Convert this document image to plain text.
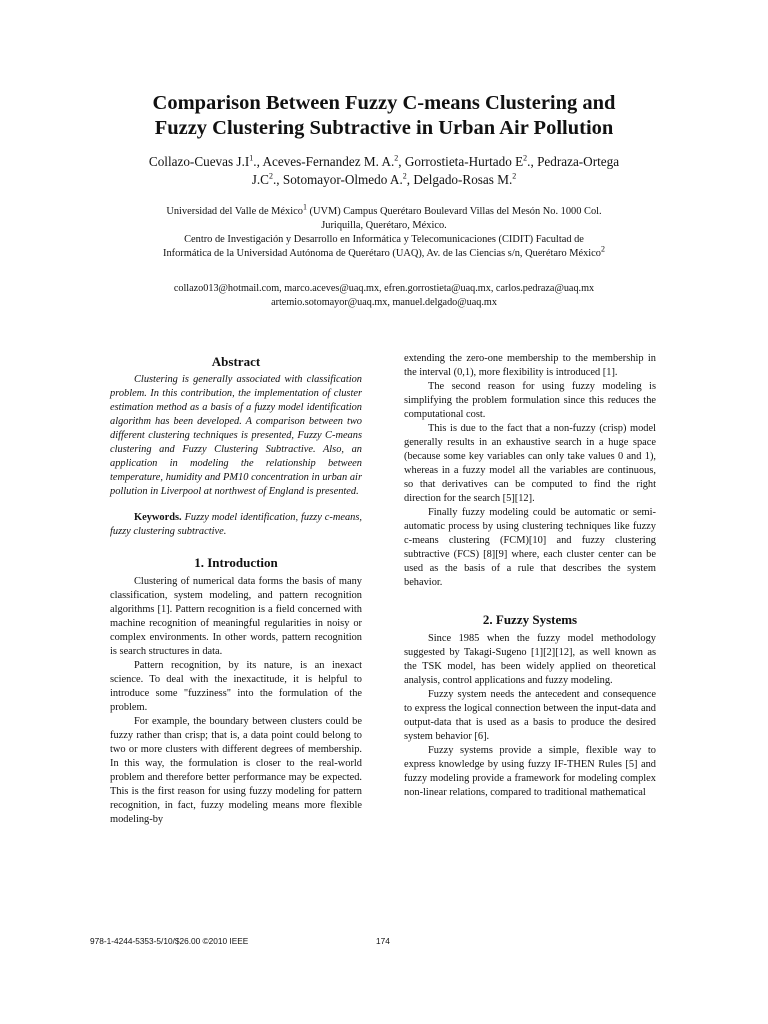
Comparison Between Fuzzy C-means Clustering and
Fuzzy Clustering Subtractive in Urban Air Pollution
Collazo-Cuevas $J.I^1$., Aceves-Fernandez M. A.$^2$, Gorrostieta-Hurtado $E^2$., Pedraza-Ortega
$J.C^2$., Sotomayor-Olmedo A.$^2$, Delgado-Rosas M.$^2$
Universidad del Valle de México$^1$ (UVM) Campus Querétaro Boulevard Villas del Mesón No. 1000 Col.
Juriquilla, Querétaro, México.
Centro de Investigación y Desarrollo en Informática y Telecomunicaciones (CIDIT) Facultad de
Informática de la Universidad Autónoma de Querétaro (UAQ), Av. de las Ciencias s/n, Querétaro México$^2$
collazo013@hotmail.com, marco.aceves@uaq.mx, efren.gorrostieta@uaq.mx, carlos.pedraza@uaq.mx
artemio.sotomayor@uaq.mx, manuel.delgado@uaq.mx
Abstract

Clustering is generally associated with classification problem. In this contribution, the implementation of cluster estimation method as a basis of a fuzzy model identification algorithm has been developed. A comparison between two different clustering techniques is presented, Fuzzy C-means clustering and Fuzzy Clustering Subtractive. Also, an application in modeling the relationship between temperature, humidity and PM10 concentration in urban air pollution in Liverpool at northwest of England is presented.

Keywords. Fuzzy model identification, fuzzy c-means, fuzzy clustering subtractive.

1. Introduction

Clustering of numerical data forms the basis of many classification, system modeling, and pattern recognition algorithms [1]. Pattern recognition is a field concerned with machine recognition of meaningful regularities in noisy or complex environments. In other words, pattern recognition is search structures in data.

Pattern recognition, by its nature, is an inexact science. To deal with the inexactitude, it is helpful to introduce some "fuzziness" into the formulation of the problem.

For example, the boundary between clusters could be fuzzy rather than crisp; that is, a data point could belong to two or more clusters with different degrees of membership. In this way, the formulation is closer to the real-world problem and therefore better performance may be expected. This is the first reason for using fuzzy modeling for pattern recognition, in fact, fuzzy modeling means more flexible modeling-by

extending the zero-one membership to the membership in the interval (0,1), more flexibility is introduced [1].

The second reason for using fuzzy modeling is simplifying the problem formulation since this reduces the computational cost.

This is due to the fact that a non-fuzzy (crisp) model generally results in an exhaustive search in a huge space (because some key variables can only take values 0 and 1), whereas in a fuzzy model all the variables are continuous, so that derivatives can be computed to find the right direction for the search [5][12].

Finally fuzzy modeling could be automatic or semi-automatic process by using clustering techniques like fuzzy c-means clustering (FCM)[10] and fuzzy clustering subtractive (FCS) [8][9] where, each cluster center can be used as the basis of a rule that describes the system behavior.

2. Fuzzy Systems

Since 1985 when the fuzzy model methodology suggested by Takagi-Sugeno [1][2][12], as well known as the TSK model, has been widely applied on theoretical analysis, control applications and fuzzy modeling.

Fuzzy system needs the antecedent and consequence to express the logical connection between the input-data and output-data that is used as a basis to produce the desired system behavior [6].

Fuzzy systems provide a simple, flexible way to express knowledge by using fuzzy IF-THEN Rules [5] and fuzzy modeling provide a framework for modeling complex non-linear relations, compared to traditional mathematical

978-1-4244-5353-5/10/$26.00 ©2010 IEEE	174
